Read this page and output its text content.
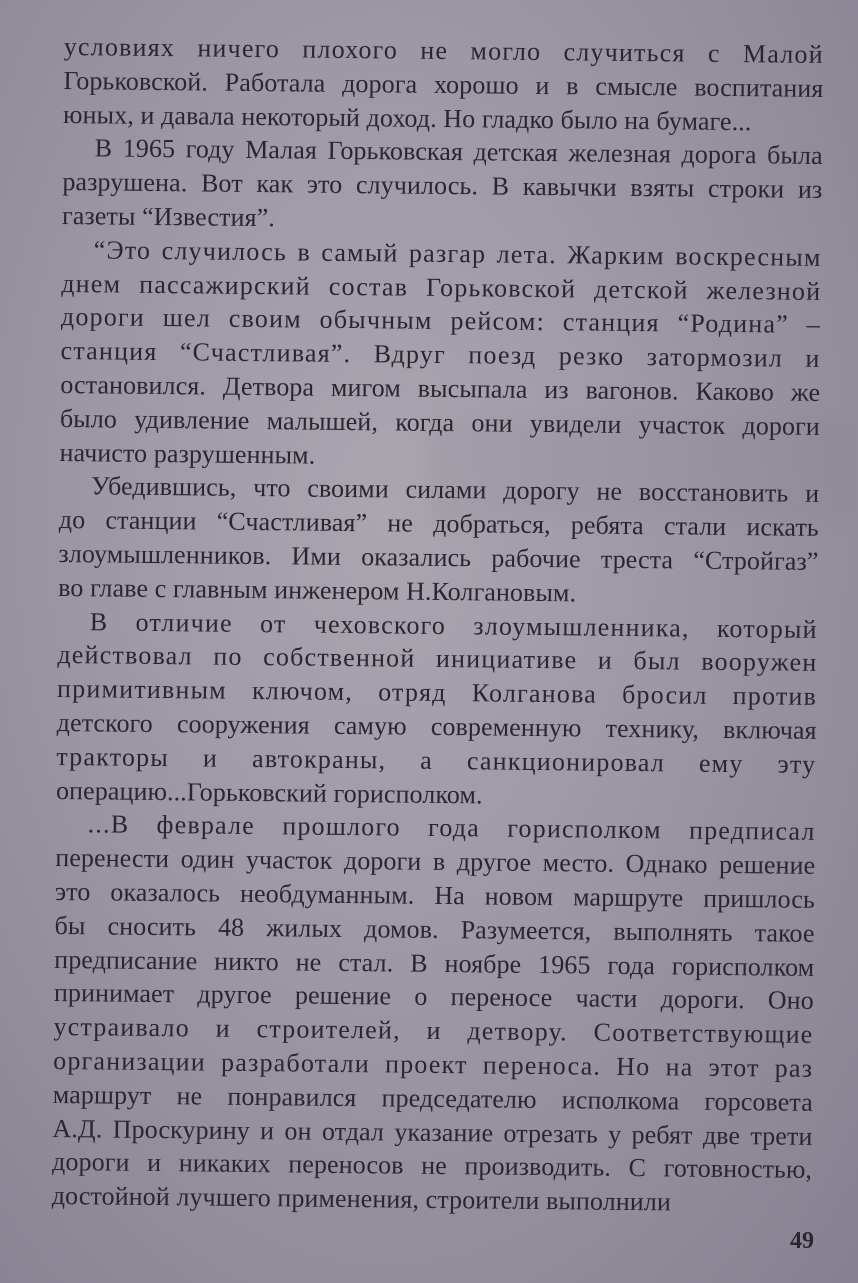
условиях ничего плохого не могло случиться с Малой
Горьковской. Работала дорога хорошо и в смысле воспитания
юных, и давала некоторый доход. Но гладко было на бумаге...
В 1965 году Малая Горьковская детская железная дорога была
разрушена. Вот как это случилось. В кавычки взяты строки из
газеты “Известия”.
“Это случилось в самый разгар лета. Жарким воскресным
днем пассажирский состав Горьковской детской железной
дороги шел своим обычным рейсом: станция “Родина” –
станция “Счастливая”. Вдруг поезд резко затормозил и
остановился. Детвора мигом высыпала из вагонов. Каково же
было удивление малышей, когда они увидели участок дороги
начисто разрушенным.
Убедившись, что своими силами дорогу не восстановить и
до станции “Счастливая” не добраться, ребята стали искать
злоумышленников. Ими оказались рабочие треста “Стройгаз”
во главе с главным инженером Н.Колгановым.
В отличие от чеховского злоумышленника, который
действовал по собственной инициативе и был вооружен
примитивным ключом, отряд Колганова бросил против
детского сооружения самую современную технику, включая
тракторы и автокраны, а санкционировал ему эту
операцию...Горьковский горисполком.
...В феврале прошлого года горисполком предписал
перенести один участок дороги в другое место. Однако решение
это оказалось необдуманным. На новом маршруте пришлось
бы сносить 48 жилых домов. Разумеется, выполнять такое
предписание никто не стал. В ноябре 1965 года горисполком
принимает другое решение о переносе части дороги. Оно
устраивало и строителей, и детвору. Соответствующие
организации разработали проект переноса. Но на этот раз
маршрут не понравился председателю исполкома горсовета
А.Д. Проскурину и он отдал указание отрезать у ребят две трети
дороги и никаких переносов не производить. С готовностью,
достойной лучшего применения, строители выполнили
49
